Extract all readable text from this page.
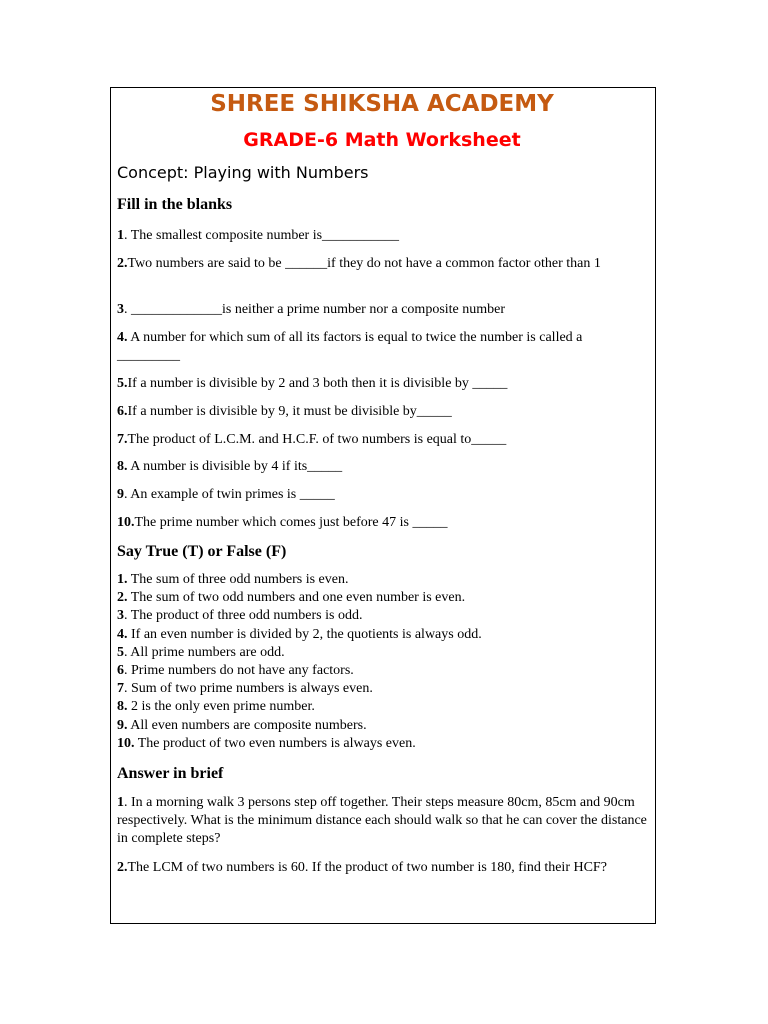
SHREE SHIKSHA ACADEMY
GRADE-6 Math Worksheet
Concept: Playing with Numbers
Fill in the blanks
1. The smallest composite number is___________
2.Two numbers are said to be ______if they do not have a common factor other than 1
3. _____________is neither a prime number nor a composite number
4. A number for which sum of all its factors is equal to twice the number is called a _________
5.If a number is divisible by 2 and 3 both then it is divisible by _____
6.If a number is divisible by 9, it must be divisible by_____
7.The product of L.C.M. and H.C.F. of two numbers is equal to_____
8. A number is divisible by 4 if its_____
9. An example of twin primes is _____
10.The prime number which comes just before 47 is _____
Say True (T) or False (F)
1. The sum of three odd numbers is even.
2. The sum of two odd numbers and one even number is even.
3. The product of three odd numbers is odd.
4. If an even number is divided by 2, the quotients is always odd.
5. All prime numbers are odd.
6. Prime numbers do not have any factors.
7. Sum of two prime numbers is always even.
8. 2 is the only even prime number.
9. All even numbers are composite numbers.
10. The product of two even numbers is always even.
Answer in brief
1. In a morning walk 3 persons step off together. Their steps measure 80cm, 85cm and 90cm respectively. What is the minimum distance each should walk so that he can cover the distance in complete steps?
2.The LCM of two numbers is 60. If the product of two number is 180, find their HCF?
